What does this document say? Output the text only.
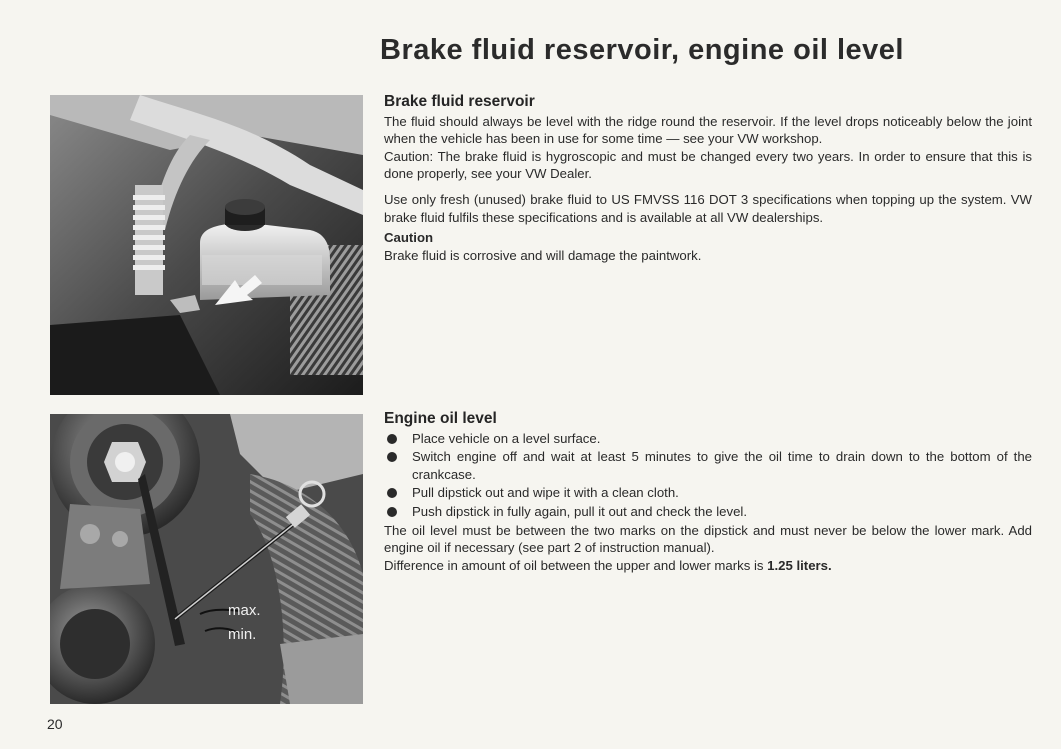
Brake fluid reservoir, engine oil level
max.
min.
Brake fluid reservoir

The fluid should always be level with the ridge round the reservoir. If the level drops noticeably below the joint when the vehicle has been in use for some time — see your VW workshop.

Caution: The brake fluid is hygroscopic and must be changed every two years. In order to ensure that this is done properly, see your VW Dealer.

Use only fresh (unused) brake fluid to US FMVSS 116 DOT 3 specifications when topping up the system. VW brake fluid fulfils these specifications and is available at all VW dealerships.

Caution

Brake fluid is corrosive and will damage the paintwork.

Engine oil level
Place vehicle on a level surface.
Switch engine off and wait at least 5 minutes to give the oil time to drain down to the bottom of the crankcase.
Pull dipstick out and wipe it with a clean cloth.
Push dipstick in fully again, pull it out and check the level.

The oil level must be between the two marks on the dipstick and must never be below the lower mark. Add engine oil if necessary (see part 2 of instruction manual).

Difference in amount of oil between the upper and lower marks is 1.25 liters.

20
